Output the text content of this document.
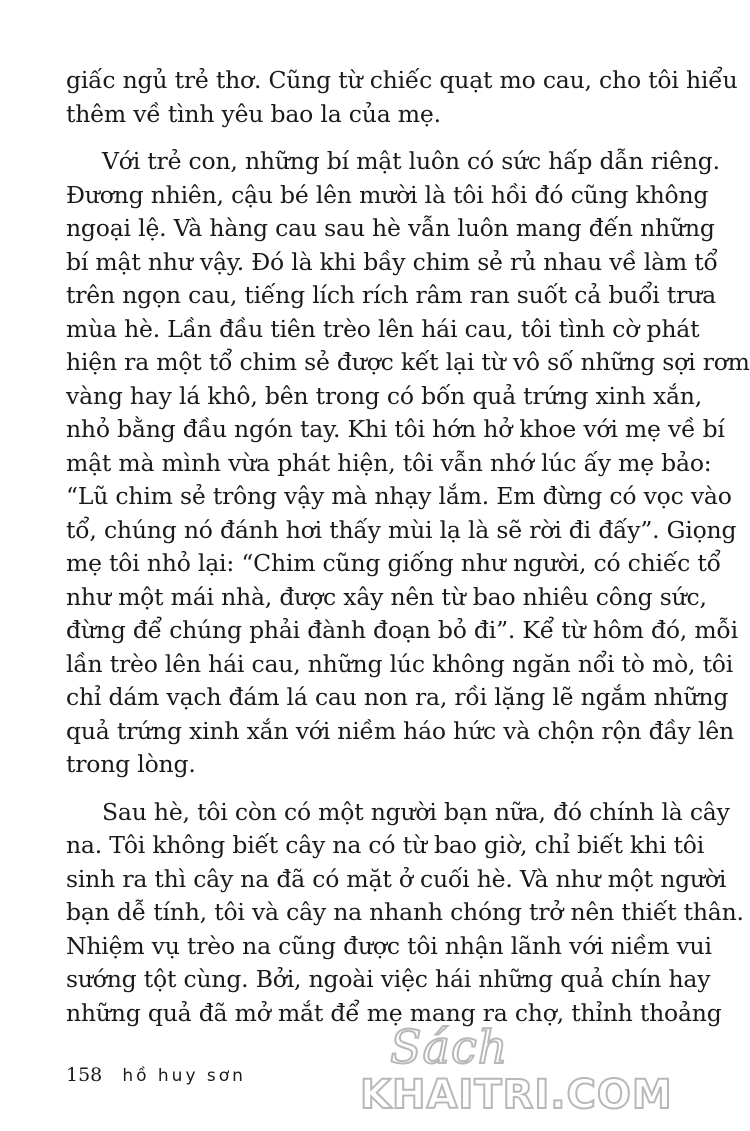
giấc ngủ trẻ thơ. Cũng từ chiếc quạt mo cau, cho tôi hiểu
thêm về tình yêu bao la của mẹ.
Với trẻ con, những bí mật luôn có sức hấp dẫn riêng.
Đương nhiên, cậu bé lên mười là tôi hồi đó cũng không
ngoại lệ. Và hàng cau sau hè vẫn luôn mang đến những
bí mật như vậy. Đó là khi bầy chim sẻ rủ nhau về làm tổ
trên ngọn cau, tiếng lích rích râm ran suốt cả buổi trưa
mùa hè. Lần đầu tiên trèo lên hái cau, tôi tình cờ phát
hiện ra một tổ chim sẻ được kết lại từ vô số những sợi rơm
vàng hay lá khô, bên trong có bốn quả trứng xinh xắn,
nhỏ bằng đầu ngón tay. Khi tôi hớn hở khoe với mẹ về bí
mật mà mình vừa phát hiện, tôi vẫn nhớ lúc ấy mẹ bảo:
“Lũ chim sẻ trông vậy mà nhạy lắm. Em đừng có vọc vào
tổ, chúng nó đánh hơi thấy mùi lạ là sẽ rời đi đấy”. Giọng
mẹ tôi nhỏ lại: “Chim cũng giống như người, có chiếc tổ
như một mái nhà, được xây nên từ bao nhiêu công sức,
đừng để chúng phải đành đoạn bỏ đi”. Kể từ hôm đó, mỗi
lần trèo lên hái cau, những lúc không ngăn nổi tò mò, tôi
chỉ dám vạch đám lá cau non ra, rồi lặng lẽ ngắm những
quả trứng xinh xắn với niềm háo hức và chộn rộn đầy lên
trong lòng.
Sau hè, tôi còn có một người bạn nữa, đó chính là cây
na. Tôi không biết cây na có từ bao giờ, chỉ biết khi tôi
sinh ra thì cây na đã có mặt ở cuối hè. Và như một người
bạn dễ tính, tôi và cây na nhanh chóng trở nên thiết thân.
Nhiệm vụ trèo na cũng được tôi nhận lãnh với niềm vui
sướng tột cùng. Bởi, ngoài việc hái những quả chín hay
những quả đã mở mắt để mẹ mang ra chợ, thỉnh thoảng
158 hồ huy sơn
Sách
KHAITRI.COM
